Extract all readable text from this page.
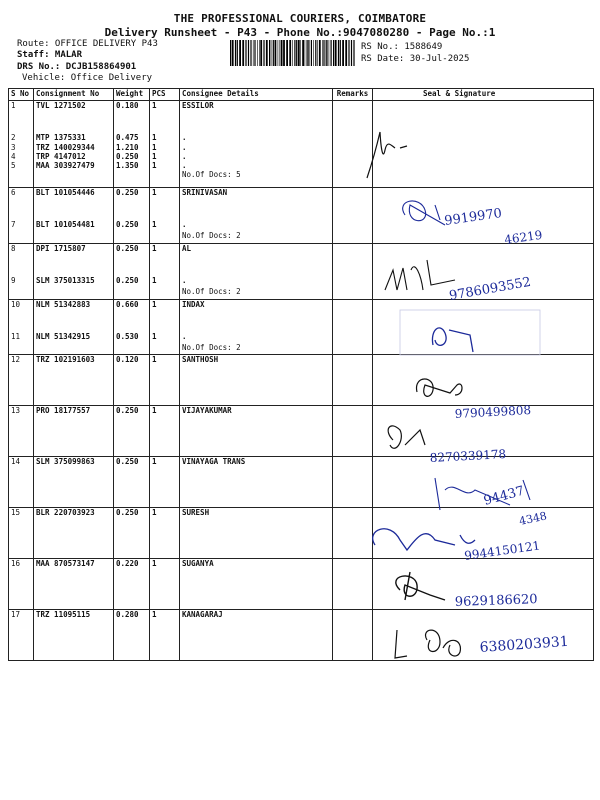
THE PROFESSIONAL COURIERS, COIMBATORE
Delivery Runsheet - P43 - Phone No.:9047080280 - Page No.:1
Route: OFFICE DELIVERY P43
Staff: MALAR
DRS No.: DCJB158864901
Vehicle: Office Delivery
RS No.: 1588649
RS Date: 30-Jul-2025
S No	Consignment No	Weight	PCS	Consignee Details	Remarks	Seal & Signature
1	TVL 1271502	0.180	1	ESSILOR		
2	MTP 1375331	0.475	1	.		
3	TRZ 140029344	1.210	1	.		
4	TRP 4147012	0.250	1	.		
5	MAA 303927479	1.350	1	.		
				No.Of Docs: 5		
6	BLT 101054446	0.250	1	SRINIVASAN		
7	BLT 101054481	0.250	1	.		
				No.Of Docs: 2		
8	DPI 1715807	0.250	1	AL		
9	SLM 375013315	0.250	1	.		
				No.Of Docs: 2		
10	NLM 51342883	0.660	1	INDAX		
11	NLM 51342915	0.530	1	.		
				No.Of Docs: 2		
12	TRZ 102191603	0.120	1	SANTHOSH		
13	PRO 18177557	0.250	1	VIJAYAKUMAR		
14	SLM 375099863	0.250	1	VINAYAGA TRANS		
15	BLR 220703923	0.250	1	SURESH		
16	MAA 870573147	0.220	1	SUGANYA		
17	TRZ 11095115	0.280	1	KANAGARAJ		
9919970
46219
9786093552
9790499808
8270339178
94437
4348
9944150121
9629186620
6380203931
